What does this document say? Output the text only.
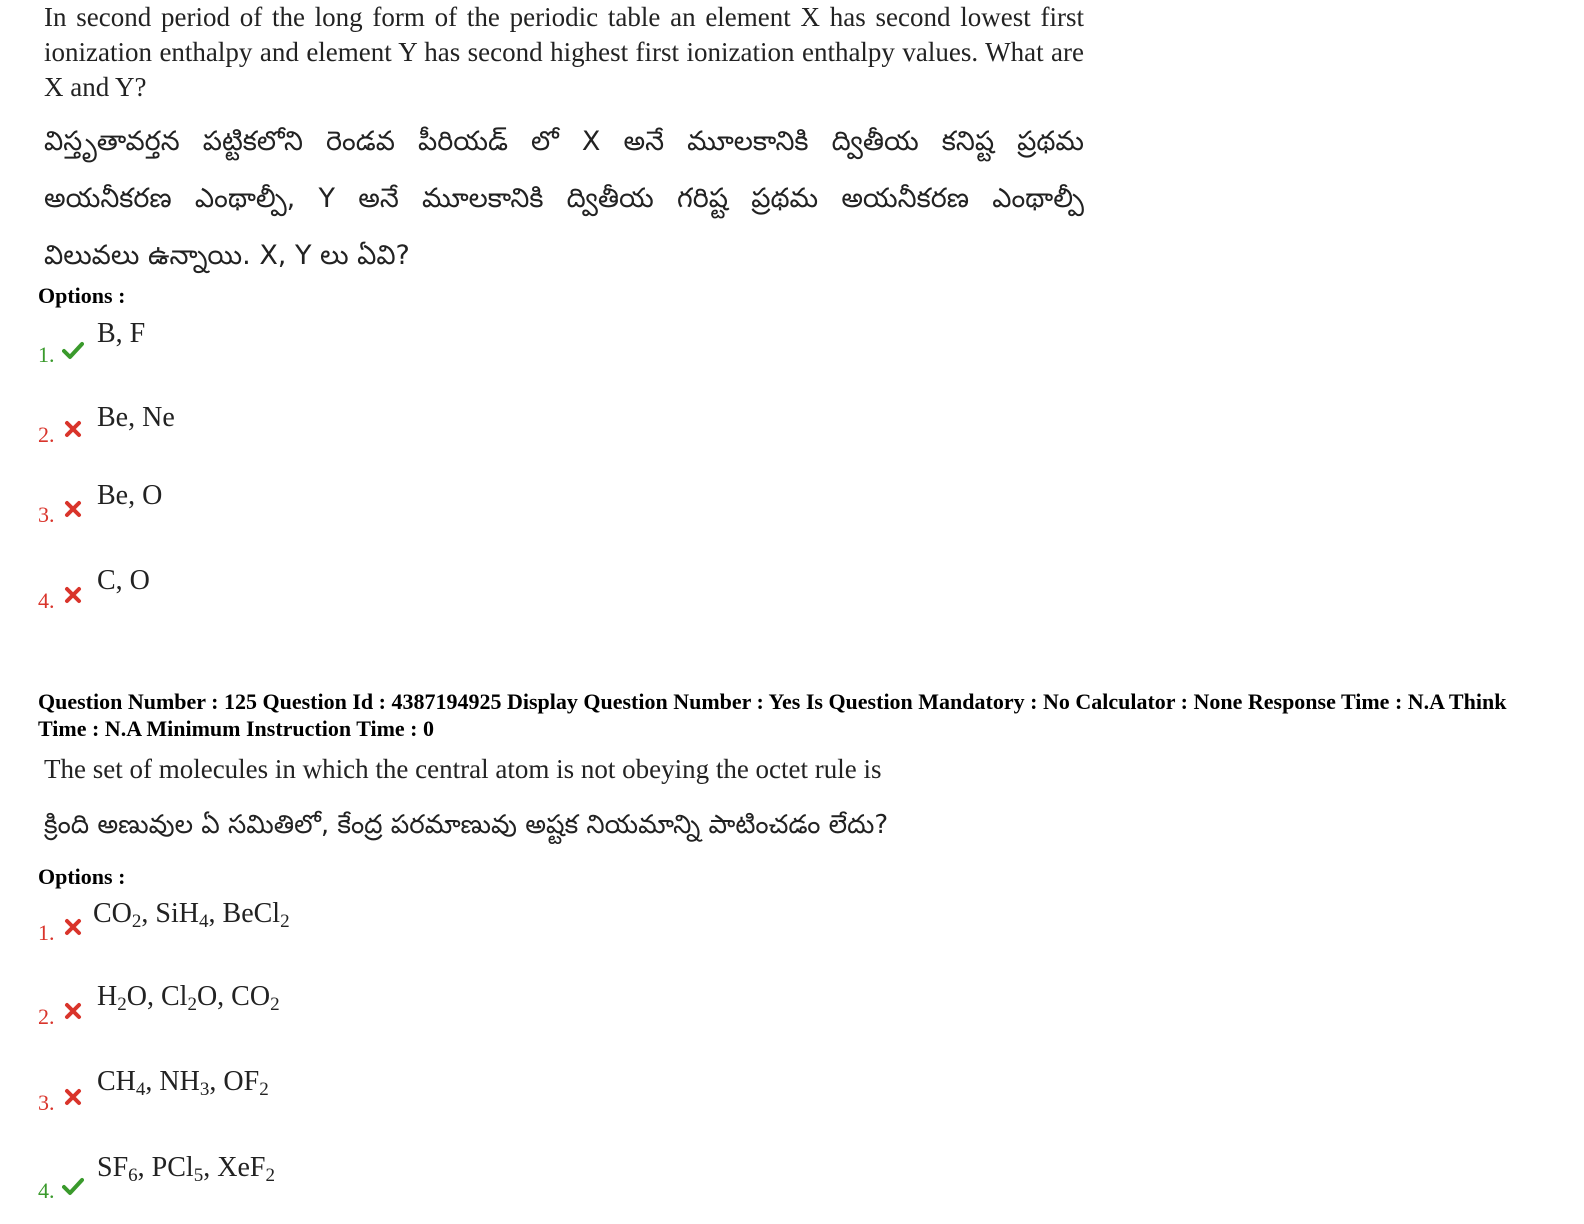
In second period of the long form of the periodic table an element X has second lowest first ionization enthalpy and element Y has second highest first ionization enthalpy values. What are X and Y?
విస్తృతావర్తన పట్టికలోని రెండవ పీరియడ్ లో X అనే మూలకానికి ద్వితీయ కనిష్ట ప్రథమ
అయనీకరణ ఎంథాల్పీ, Y అనే మూలకానికి ద్వితీయ గరిష్ట ప్రథమ అయనీకరణ ఎంథాల్పీ
విలువలు ఉన్నాయి. X, Y లు ఏవి?
Options :
1.
B, F
2.
Be, Ne
3.
Be, O
4.
C, O
Question Number : 125 Question Id : 4387194925 Display Question Number : Yes Is Question Mandatory : No Calculator : None Response Time : N.A Think Time : N.A Minimum Instruction Time : 0
The set of molecules in which the central atom is not obeying the octet rule is
క్రింది అణువుల ఏ సమితిలో, కేంద్ర పరమాణువు అష్టక నియమాన్ని పాటించడం లేదు?
Options :
1.
$CO_2$, SiH$_4$, BeCl$_2$
2.
$H_2O$, $Cl_2O$, $CO_2$
3.
$CH_4$, $NH_3$, $OF_2$
4.
$SF_6$, PCl$_5$, XeF$_2$
